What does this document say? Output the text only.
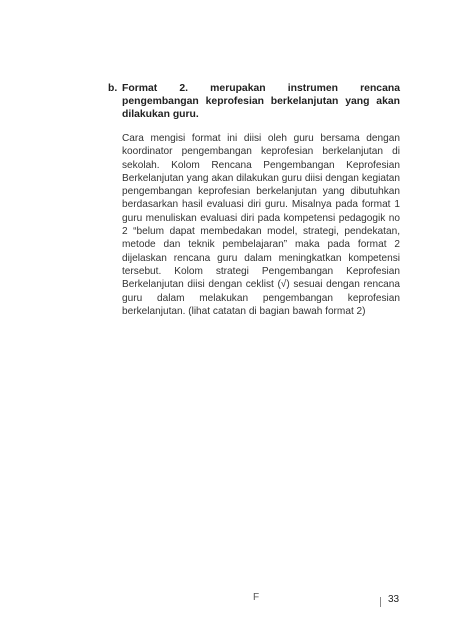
b. Format 2. merupakan instrumen rencana pengembangan keprofesian berkelanjutan yang akan dilakukan guru.

Cara mengisi format ini diisi oleh guru bersama dengan koordinator pengembangan keprofesian berkelanjutan di sekolah. Kolom Rencana Pengembangan Keprofesian Berkelanjutan yang akan dilakukan guru diisi dengan kegiatan pengembangan keprofesian berkelanjutan yang dibutuhkan berdasarkan hasil evaluasi diri guru. Misalnya pada format 1 guru menuliskan evaluasi diri pada kompetensi pedagogik no 2 “belum dapat membedakan model, strategi, pendekatan, metode dan teknik pembelajaran” maka pada format 2 dijelaskan rencana guru dalam meningkatkan kompetensi tersebut. Kolom strategi Pengembangan Keprofesian Berkelanjutan diisi dengan ceklist (√) sesuai dengan rencana guru dalam melakukan pengembangan keprofesian berkelanjutan. (lihat catatan di bagian bawah format 2)

F	33
